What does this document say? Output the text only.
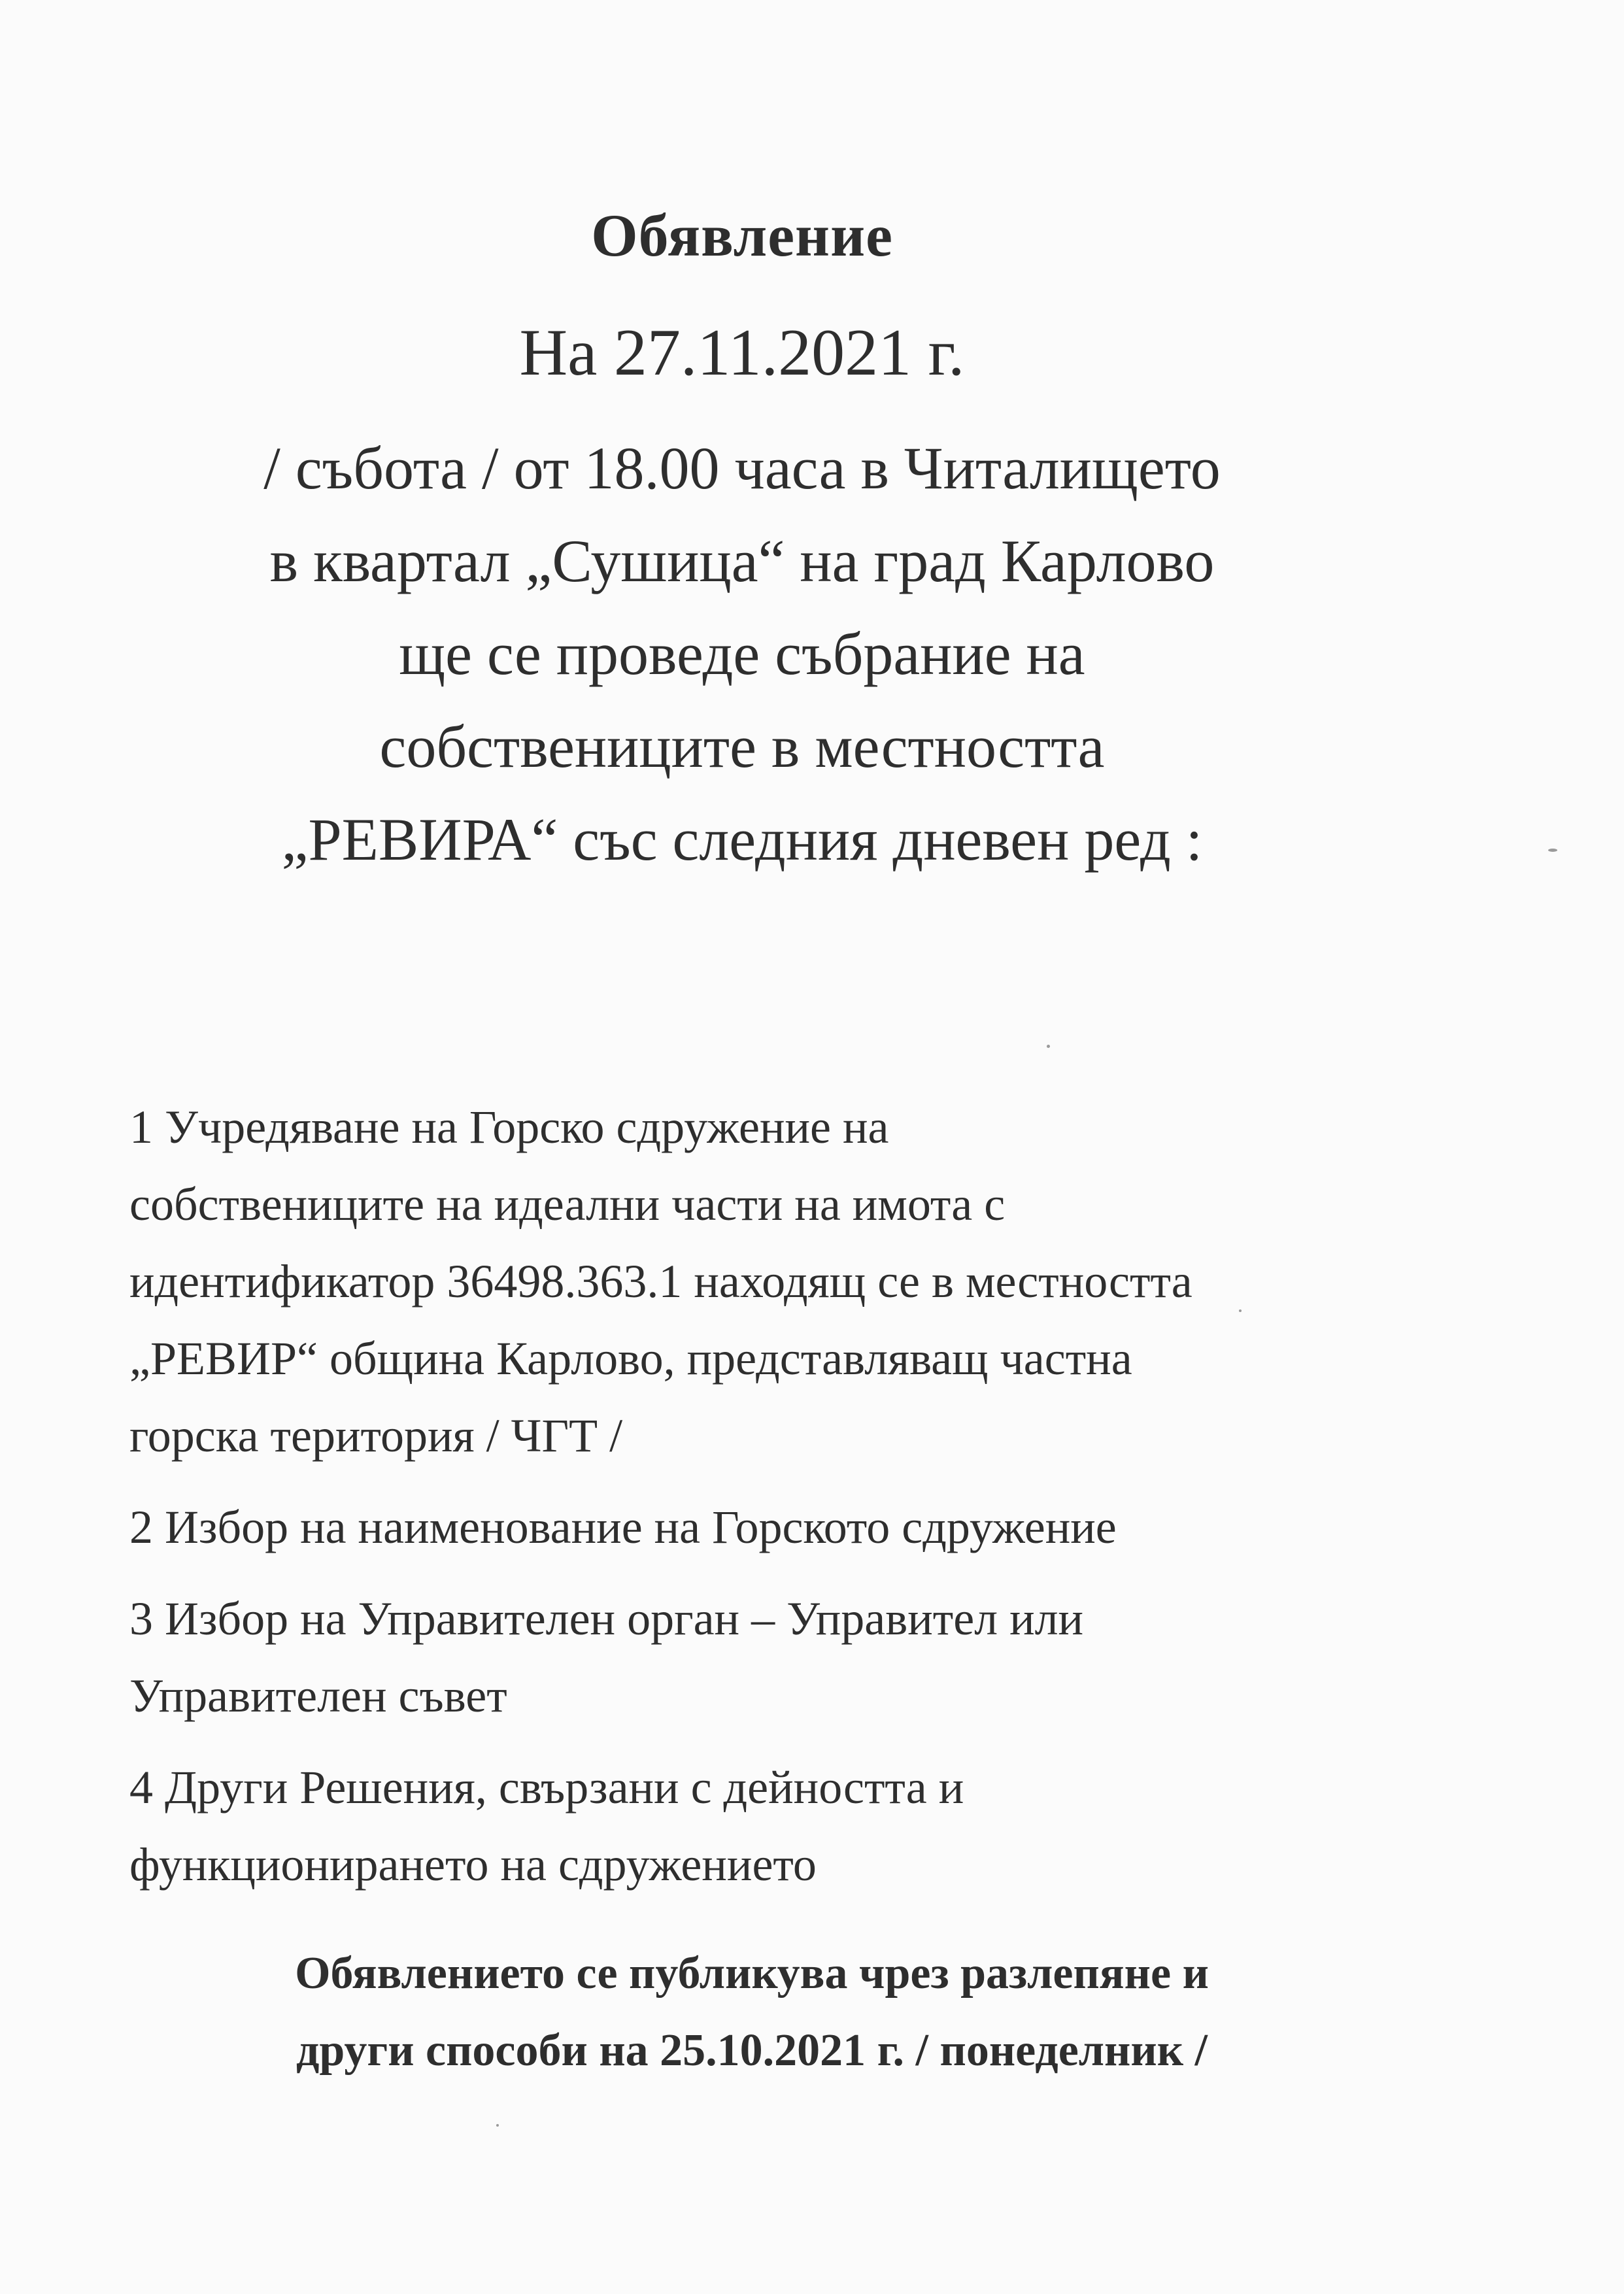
Обявление
На 27.11.2021 г.
/ събота / от 18.00 часа в Читалището
в квартал „Сушица“ на град Карлово
ще се проведе събрание на
собствениците в местността
„РЕВИРА“ със следния дневен ред :
1 Учредяване на Горско сдружение на
собствениците на идеални части на имота с
идентификатор 36498.363.1 находящ се в местността
„РЕВИР“ община Карлово, представляващ частна
горска територия / ЧГТ /
2 Избор на наименование на Горското сдружение
3 Избор на Управителен орган – Управител или
Управителен съвет
4 Други Решения, свързани с дейността и
функционирането на сдружението
Обявлението се публикува чрез разлепяне и
други способи на 25.10.2021 г. / понеделник /
